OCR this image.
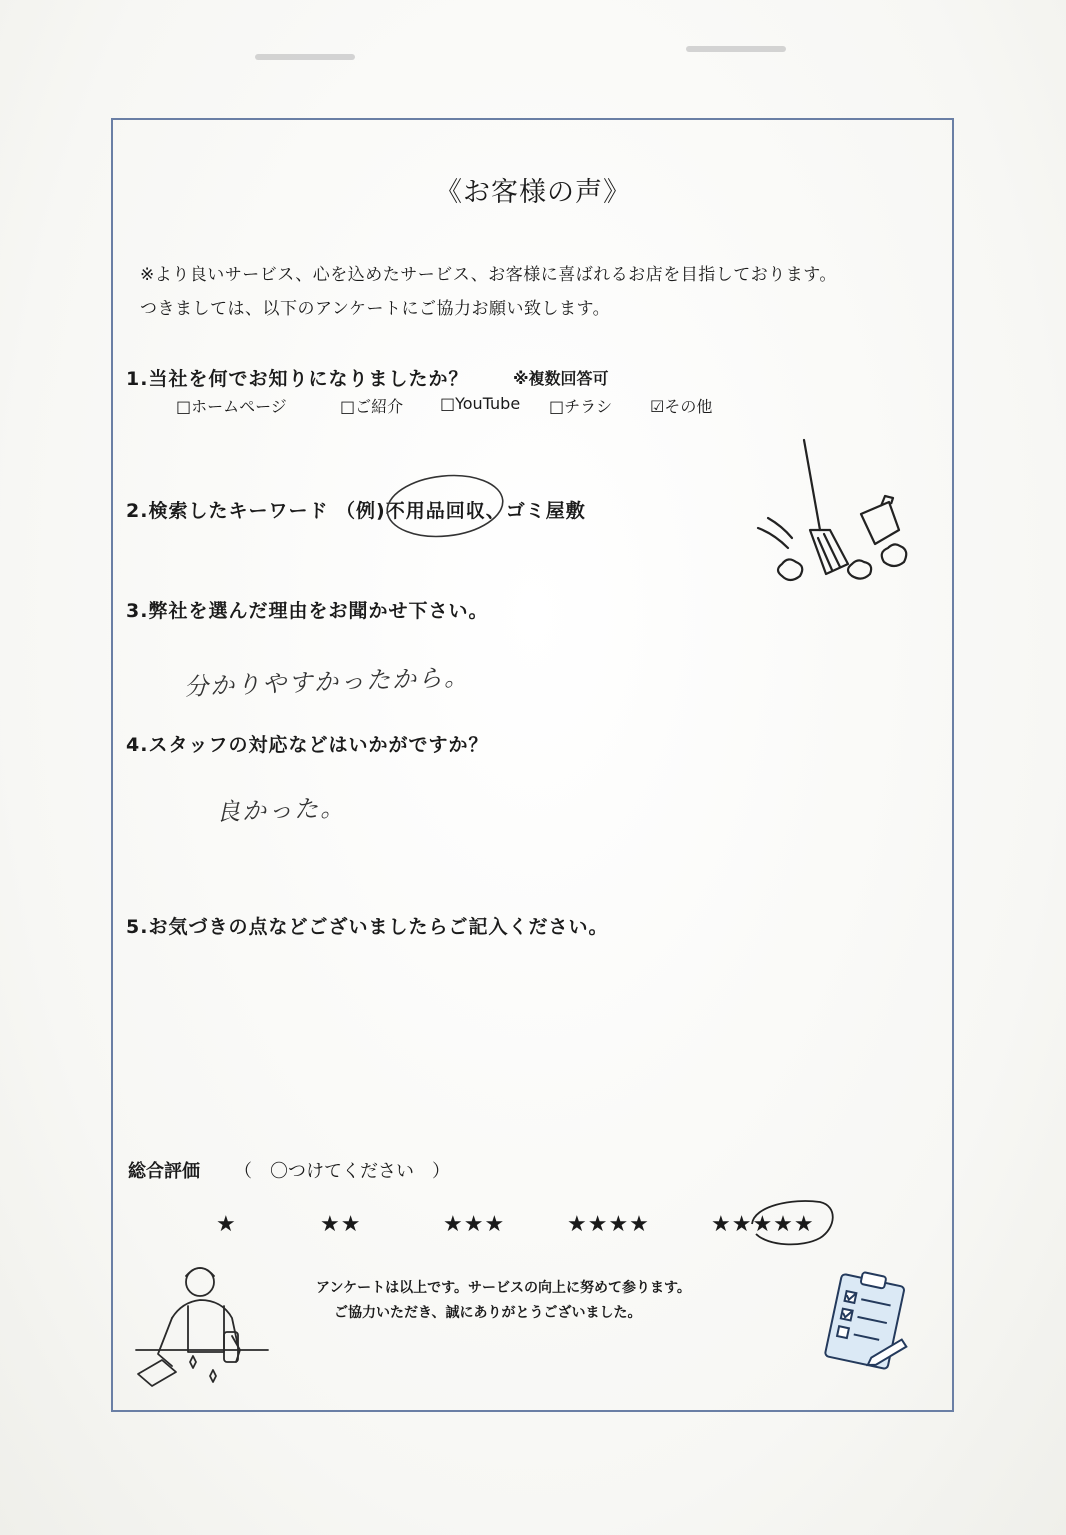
《お客様の声》
※より良いサービス、心を込めたサービス、お客様に喜ばれるお店を目指しております。
つきましては、以下のアンケートにご協力お願い致します。
1.当社を何でお知りになりましたか？	※複数回答可
□ホームページ	□ご紹介 □YouTube □チラシ ☑その他
2.検索したキーワード （例)不用品回収、ゴミ屋敷
3.弊社を選んだ理由をお聞かせ下さい。
分かりやすかったから。
4.スタッフの対応などはいかがですか？
良かった。
5.お気づきの点などございましたらご記入ください。
総合評価 （　〇つけてください　）
★	★★	★★★	★★★★	★★★★★
アンケートは以上です。サービスの向上に努めて参ります。
ご協力いただき、誠にありがとうございました。
